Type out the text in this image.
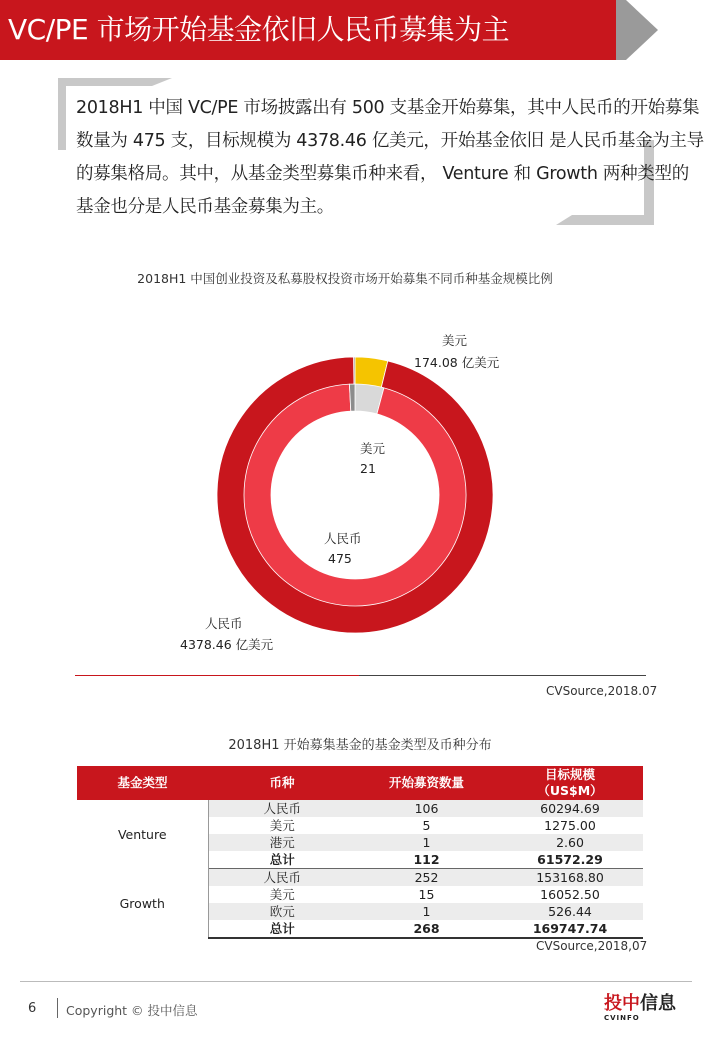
VC/PE 市场开始基金依旧人民币募集为主
2018H1 中国 VC/PE 市场披露出有 500 支基金开始募集，其中人民币的开始募集数量为 475 支，目标规模为 4378.46 亿美元，开始基金依旧 是人民币基金为主导的募集格局。其中，从基金类型募集币种来看， Venture 和 Growth 两种类型的基金也分是人民币基金募集为主。
2018H1 中国创业投资及私募股权投资市场开始募集不同币种基金规模比例
美元
174.08 亿美元
美元
21
人民币
475
人民币
4378.46 亿美元
CVSource,2018.07
2018H1 开始募集基金的基金类型及币种分布
基金类型	币种	开始募资数量	目标规模
（US$M）
Venture	人民币	106	60294.69
	美元	5	1275.00
	港元	1	2.60
	总计	112	61572.29
Growth	人民币	252	153168.80
	美元	15	16052.50
	欧元	1	526.44
	总计	268	169747.74
CVSource,2018,07
6 Copyright © 投中信息	投中信息
CVINFO
